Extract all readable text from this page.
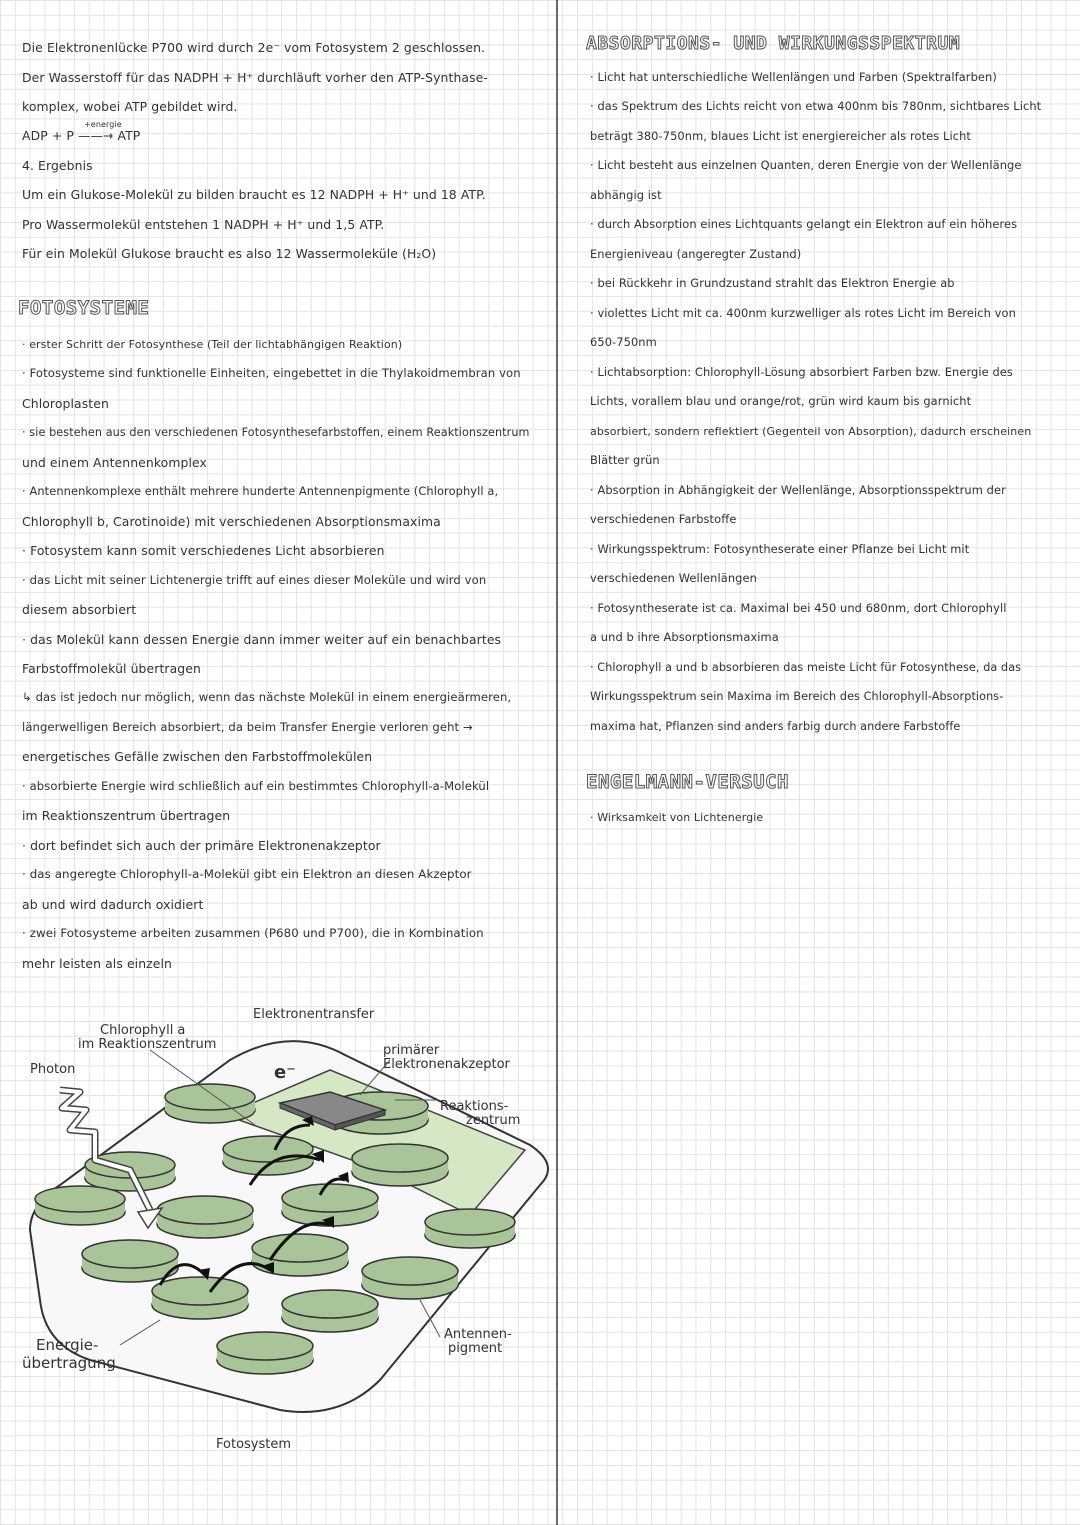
Die Elektronenlücke P700 wird durch 2e⁻ vom Fotosystem 2 geschlossen.
Der Wasserstoff für das NADPH + H⁺ durchläuft vorher den ATP-Synthase-
komplex, wobei ATP gebildet wird.
ADP + P ——→ ATP
+energie
4. Ergebnis
Um ein Glukose-Molekül zu bilden braucht es 12 NADPH + H⁺ und 18 ATP.
Pro Wassermolekül entstehen 1 NADPH + H⁺ und 1,5 ATP.
Für ein Molekül Glukose braucht es also 12 Wassermoleküle (H₂O)
FOTOSYSTEME
· erster Schritt der Fotosynthese (Teil der lichtabhängigen Reaktion)
· Fotosysteme sind funktionelle Einheiten, eingebettet in die Thylakoidmembran von
Chloroplasten
· sie bestehen aus den verschiedenen Fotosynthesefarbstoffen, einem Reaktionszentrum
und einem Antennenkomplex
· Antennenkomplexe enthält mehrere hunderte Antennenpigmente (Chlorophyll a,
Chlorophyll b, Carotinoide) mit verschiedenen Absorptionsmaxima
· Fotosystem kann somit verschiedenes Licht absorbieren
· das Licht mit seiner Lichtenergie trifft auf eines dieser Moleküle und wird von
diesem absorbiert
· das Molekül kann dessen Energie dann immer weiter auf ein benachbartes
Farbstoffmolekül übertragen
↳ das ist jedoch nur möglich, wenn das nächste Molekül in einem energieärmeren,
längerwelligen Bereich absorbiert, da beim Transfer Energie verloren geht →
energetisches Gefälle zwischen den Farbstoffmolekülen
· absorbierte Energie wird schließlich auf ein bestimmtes Chlorophyll-a-Molekül
im Reaktionszentrum übertragen
· dort befindet sich auch der primäre Elektronenakzeptor
· das angeregte Chlorophyll-a-Molekül gibt ein Elektron an diesen Akzeptor
ab und wird dadurch oxidiert
· zwei Fotosysteme arbeiten zusammen (P680 und P700), die in Kombination
mehr leisten als einzeln
Elektronentransfer
Chlorophyll a
im Reaktionszentrum
Photon	e⁻
primärer
Elektronenakzeptor
Reaktions-
zentrum
Antennen-
pigment
Energie-
übertragung
Fotosystem
ABSORPTIONS- UND WIRKUNGSSPEKTRUM
· Licht hat unterschiedliche Wellenlängen und Farben (Spektralfarben)
· das Spektrum des Lichts reicht von etwa 400nm bis 780nm, sichtbares Licht
beträgt 380-750nm, blaues Licht ist energiereicher als rotes Licht
· Licht besteht aus einzelnen Quanten, deren Energie von der Wellenlänge
abhängig ist
· durch Absorption eines Lichtquants gelangt ein Elektron auf ein höheres
Energieniveau (angeregter Zustand)
· bei Rückkehr in Grundzustand strahlt das Elektron Energie ab
· violettes Licht mit ca. 400nm kurzwelliger als rotes Licht im Bereich von
650-750nm
· Lichtabsorption: Chlorophyll-Lösung absorbiert Farben bzw. Energie des
Lichts, vorallem blau und orange/rot, grün wird kaum bis garnicht
absorbiert, sondern reflektiert (Gegenteil von Absorption), dadurch erscheinen
Blätter grün
· Absorption in Abhängigkeit der Wellenlänge, Absorptionsspektrum der
verschiedenen Farbstoffe
· Wirkungsspektrum: Fotosyntheserate einer Pflanze bei Licht mit
verschiedenen Wellenlängen
· Fotosyntheserate ist ca. Maximal bei 450 und 680nm, dort Chlorophyll
a und b ihre Absorptionsmaxima
· Chlorophyll a und b absorbieren das meiste Licht für Fotosynthese, da das
Wirkungsspektrum sein Maxima im Bereich des Chlorophyll-Absorptions-
maxima hat, Pflanzen sind anders farbig durch andere Farbstoffe
ENGELMANN-VERSUCH
· Wirksamkeit von Lichtenergie
